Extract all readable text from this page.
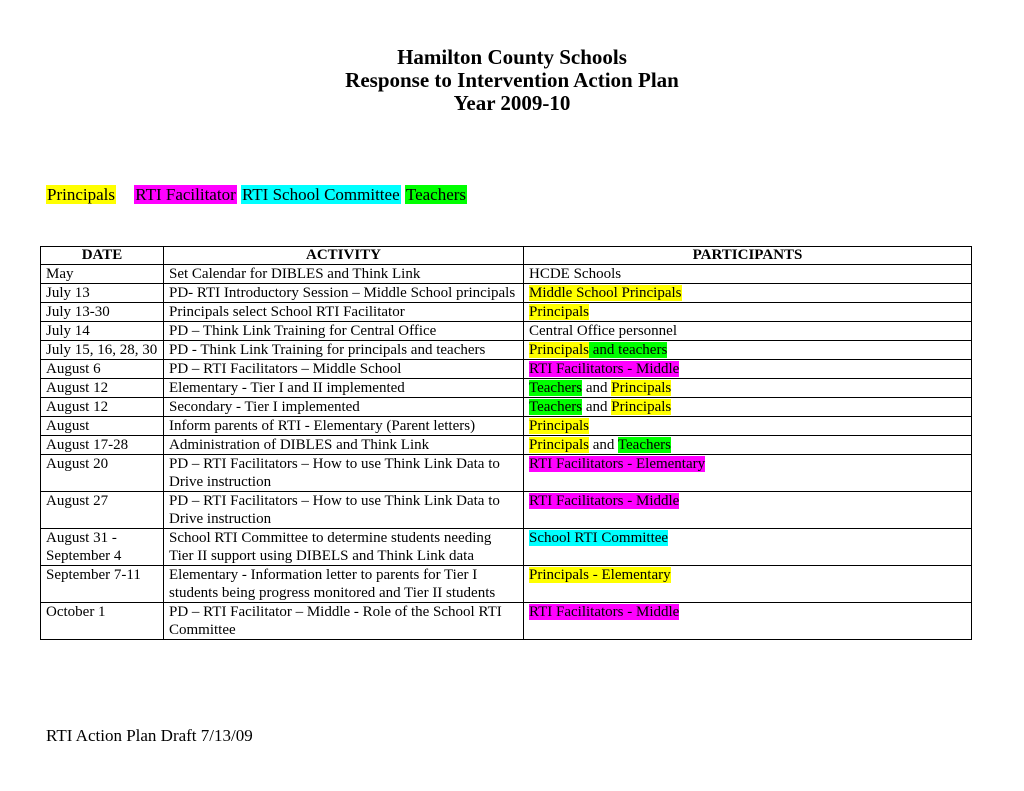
Hamilton County Schools
Response to Intervention Action Plan
Year 2009-10
Principals RTI Facilitator RTI School Committee Teachers
DATE	ACTIVITY	PARTICIPANTS
May	Set Calendar for DIBLES and Think Link	HCDE Schools
July 13	PD- RTI Introductory Session – Middle School principals	Middle School Principals
July 13-30	Principals select School RTI Facilitator	Principals
July 14	PD – Think Link Training for Central Office	Central Office personnel
July 15, 16, 28, 30	PD - Think Link Training for principals and teachers	Principals and teachers
August 6	PD – RTI Facilitators – Middle School	RTI Facilitators - Middle
August 12	Elementary - Tier I and II implemented	Teachers and Principals
August 12	Secondary - Tier I implemented	Teachers and Principals
August	Inform parents of RTI - Elementary (Parent letters)	Principals
August 17-28	Administration of DIBLES and Think Link	Principals and Teachers
August 20	PD – RTI Facilitators – How to use Think Link Data to Drive instruction	RTI Facilitators - Elementary
August 27	PD – RTI Facilitators – How to use Think Link Data to Drive instruction	RTI Facilitators - Middle
August 31 - September 4	School RTI Committee to determine students needing Tier II support using DIBELS and Think Link data	School RTI Committee
September 7-11	Elementary - Information letter to parents for Tier I students being progress monitored and Tier II students	Principals - Elementary
October 1	PD – RTI Facilitator – Middle - Role of the School RTI Committee	RTI Facilitators - Middle
RTI Action Plan Draft 7/13/09
